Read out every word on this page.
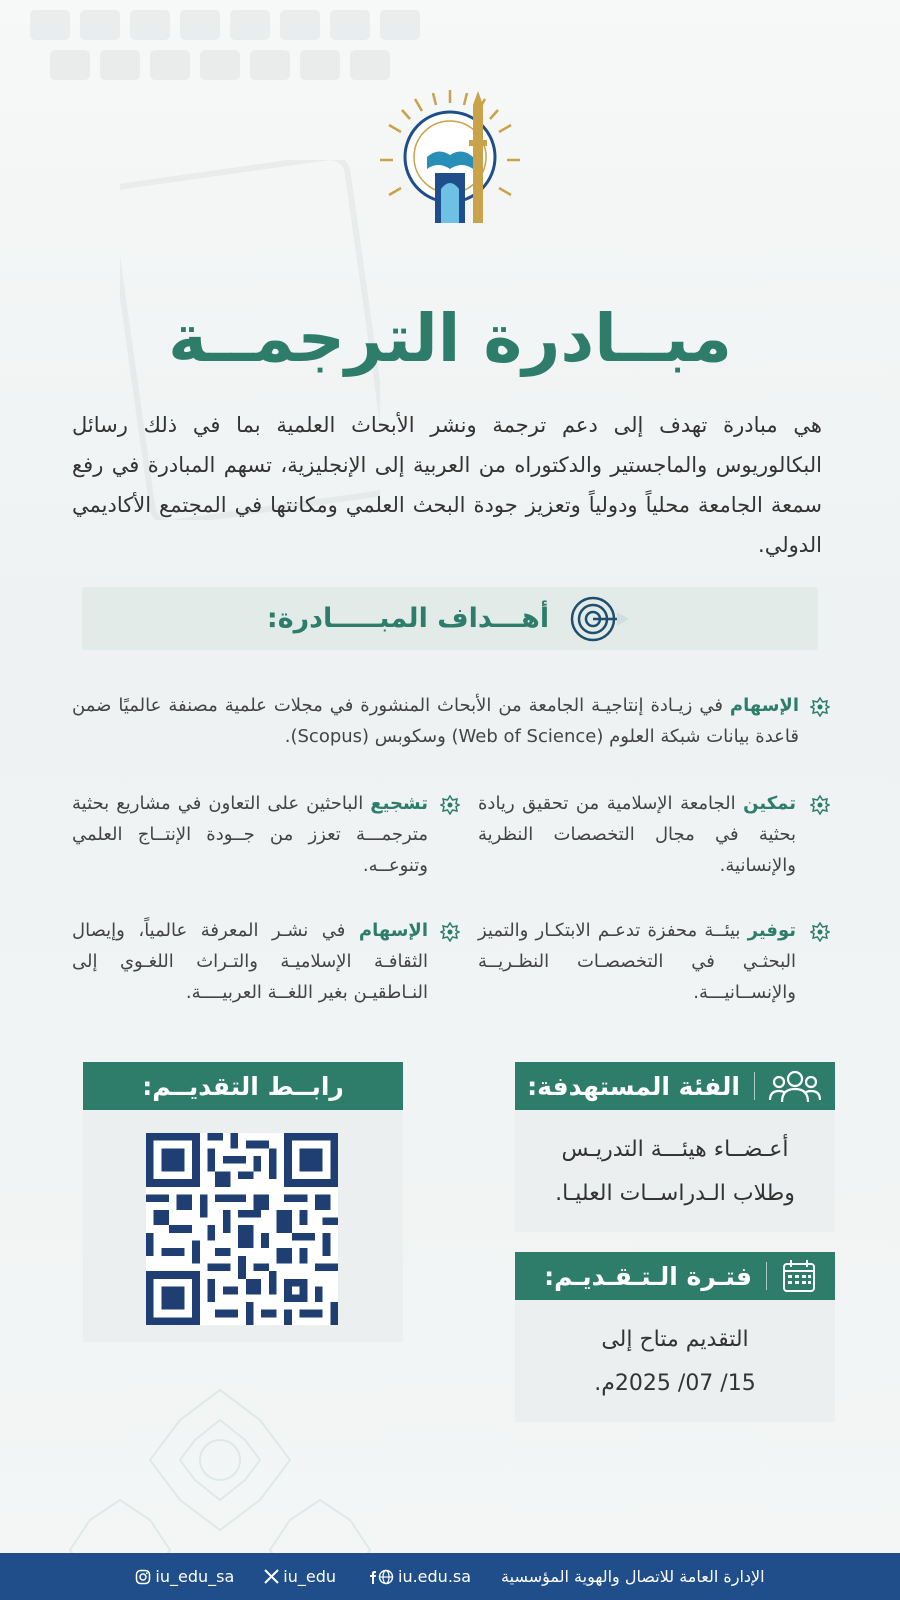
مبــادرة الترجمــة
هي مبادرة تهدف إلى دعم ترجمة ونشر الأبحاث العلمية بما في ذلك رسائل البكالوريوس والماجستير والدكتوراه من العربية إلى الإنجليزية، تسهم المبادرة في رفع سمعة الجامعة محلياً ودولياً وتعزيز جودة البحث العلمي ومكانتها في المجتمع الأكاديمي الدولي.
أهـــداف المبـــــادرة:
الإسهام في زيـادة إنتاجيـة الجامعة من الأبحاث المنشورة في مجلات علمية مصنفة عالميًا ضمن قاعدة بيانات شبكة العلوم (Web of Science) وسكوبس (Scopus).
تمكين الجامعة الإسلامية من تحقيق ريادة بحثية في مجال التخصصات النظرية والإنسانية.
تشجيع الباحثين على التعاون في مشاريع بحثية مترجمـــة تعزز من جــودة الإنتــاج العلمي وتنوعــه.
توفير بيئــة محفزة تدعـم الابتكـار والتميز البحثـي في التخصصـات النظـريــة والإنســانيـــة.
الإسهام في نشـر المعرفة عالمياً، وإيصال الثقافـة الإسلاميـة والتـراث اللغـوي إلى النـاطقيـن بغير اللغــة العربيــــة.
الفئة المستهدفة:
أعـضــاء هيئـــة التدريـس
وطلاب الـدراســات العليـا.
فتـرة الـتـقـديـم:
التقديم متاح إلى
15/ 07/ 2025م.
رابــط التقديــم:
iu_edu_sa	iu_edu	iu.edu.sa الإدارة العامة للاتصال والهوية المؤسسية
